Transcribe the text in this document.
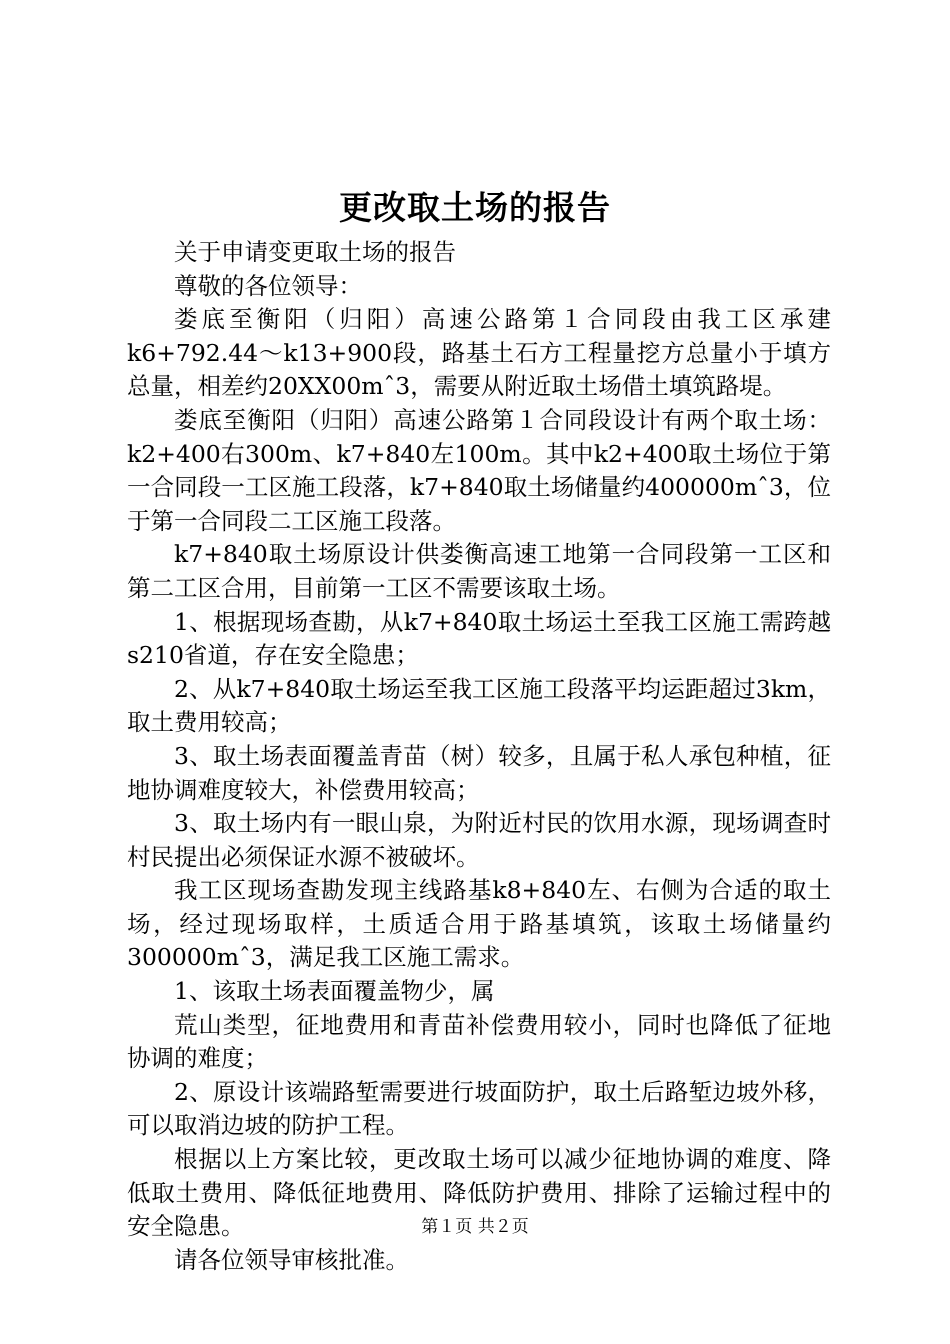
更改取土场的报告

关于申请变更取土场的报告

尊敬的各位领导：

娄底至衡阳（归阳）高速公路第１合同段由我工区承建k6+792.44～k13+900段，路基土石方工程量挖方总量小于填方总量，相差约20XX00mˆ3，需要从附近取土场借土填筑路堤。

娄底至衡阳（归阳）高速公路第１合同段设计有两个取土场：k2+400右300m、k7+840左100m。其中k2+400取土场位于第一合同段一工区施工段落，k7+840取土场储量约400000mˆ3，位于第一合同段二工区施工段落。

k7+840取土场原设计供娄衡高速工地第一合同段第一工区和第二工区合用，目前第一工区不需要该取土场。

1、根据现场查勘，从k7+840取土场运土至我工区施工需跨越s210省道，存在安全隐患；

2、从k7+840取土场运至我工区施工段落平均运距超过3km，取土费用较高；

3、取土场表面覆盖青苗（树）较多，且属于私人承包种植，征地协调难度较大，补偿费用较高；

3、取土场内有一眼山泉，为附近村民的饮用水源，现场调查时村民提出必须保证水源不被破坏。

我工区现场查勘发现主线路基k8+840左、右侧为合适的取土场，经过现场取样，土质适合用于路基填筑，该取土场储量约300000mˆ3，满足我工区施工需求。

1、该取土场表面覆盖物少，属

荒山类型，征地费用和青苗补偿费用较小，同时也降低了征地协调的难度；

2、原设计该端路堑需要进行坡面防护，取土后路堑边坡外移，可以取消边坡的防护工程。

根据以上方案比较，更改取土场可以减少征地协调的难度、降低取土费用、降低征地费用、降低防护费用、排除了运输过程中的安全隐患。

请各位领导审核批准。

第１页 共２页
